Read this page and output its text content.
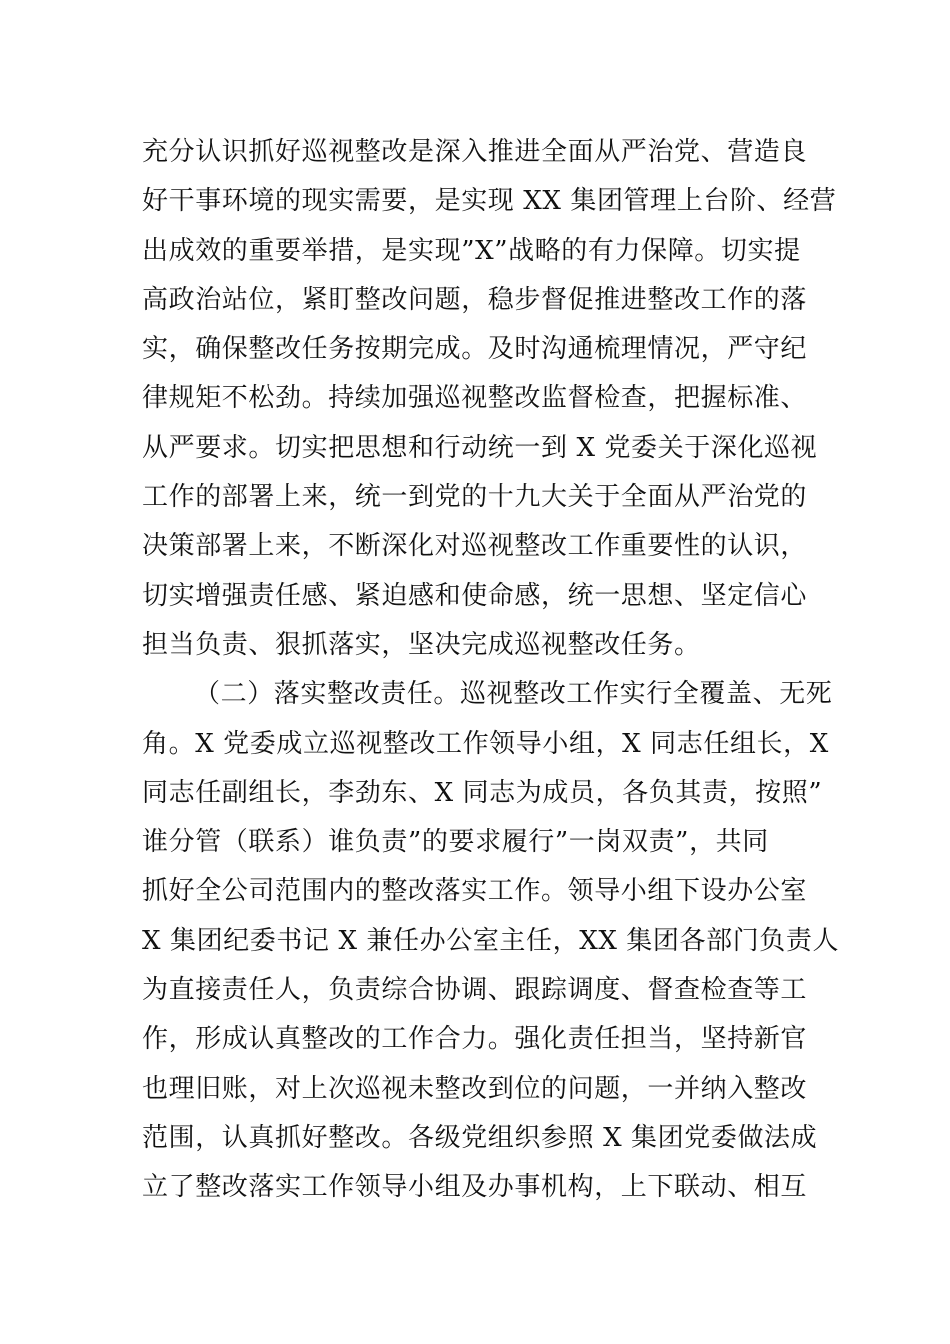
充分认识抓好巡视整改是深入推进全面从严治党、营造良
好干事环境的现实需要，是实现 XX 集团管理上台阶、经营
出成效的重要举措，是实现”X”战略的有力保障。切实提
高政治站位，紧盯整改问题，稳步督促推进整改工作的落
实，确保整改任务按期完成。及时沟通梳理情况，严守纪
律规矩不松劲。持续加强巡视整改监督检查，把握标准、
从严要求。切实把思想和行动统一到 X 党委关于深化巡视
工作的部署上来，统一到党的十九大关于全面从严治党的
决策部署上来，不断深化对巡视整改工作重要性的认识，
切实增强责任感、紧迫感和使命感，统一思想、坚定信心
担当负责、狠抓落实，坚决完成巡视整改任务。
（二）落实整改责任。巡视整改工作实行全覆盖、无死
角。X 党委成立巡视整改工作领导小组，X 同志任组长，X
同志任副组长，李劲东、X 同志为成员，各负其责，按照”
谁分管（联系）谁负责”的要求履行”一岗双责”，共同
抓好全公司范围内的整改落实工作。领导小组下设办公室
X 集团纪委书记 X 兼任办公室主任，XX 集团各部门负责人
为直接责任人，负责综合协调、跟踪调度、督查检查等工
作，形成认真整改的工作合力。强化责任担当，坚持新官
也理旧账，对上次巡视未整改到位的问题，一并纳入整改
范围，认真抓好整改。各级党组织参照 X 集团党委做法成
立了整改落实工作领导小组及办事机构，上下联动、相互
